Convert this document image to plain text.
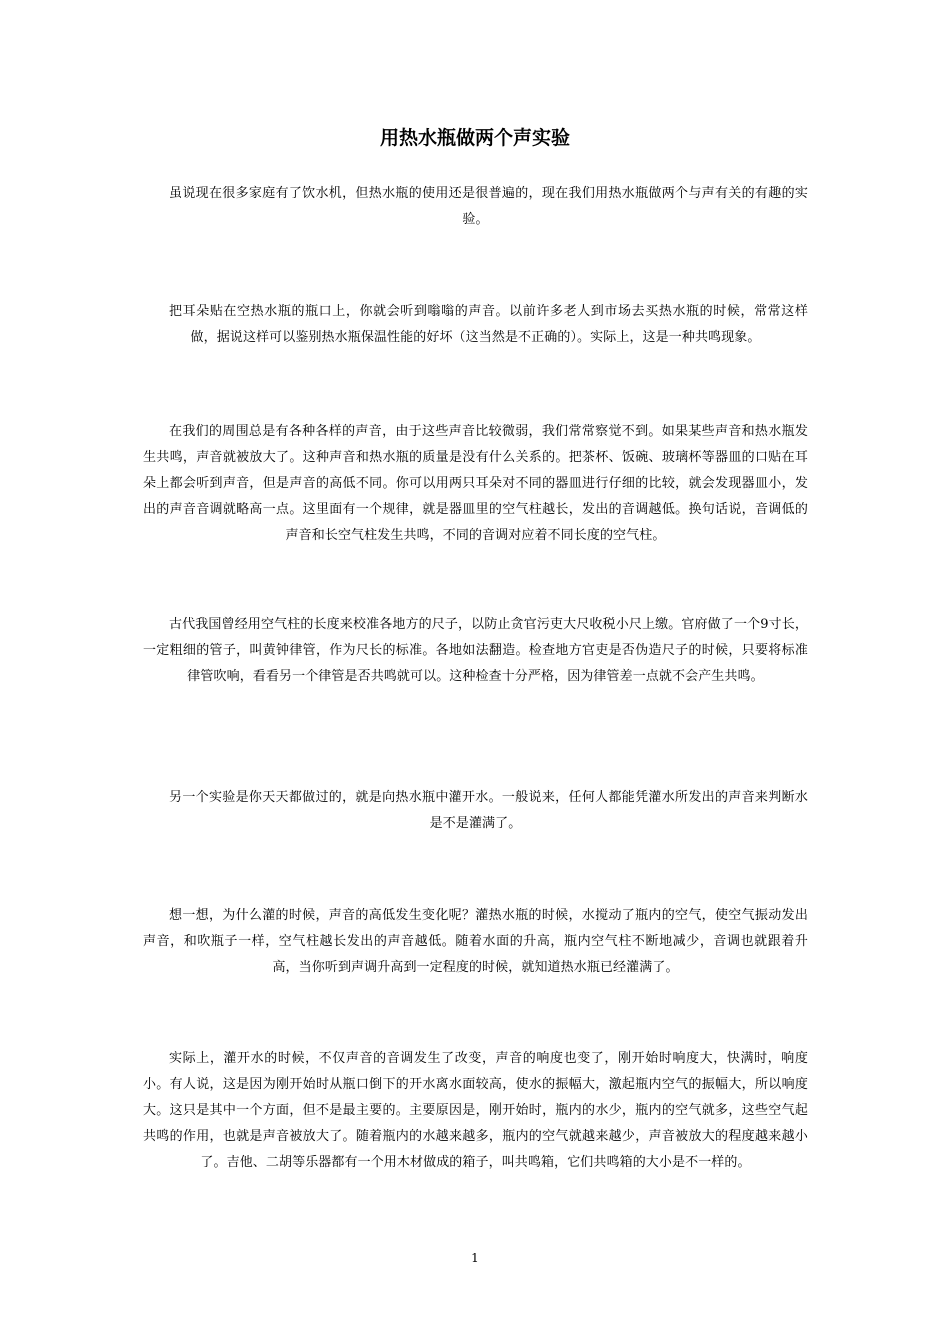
用热水瓶做两个声实验

虽说现在很多家庭有了饮水机，但热水瓶的使用还是很普遍的，现在我们用热水瓶做两个与声有关的有趣的实验。

把耳朵贴在空热水瓶的瓶口上，你就会听到嗡嗡的声音。以前许多老人到市场去买热水瓶的时候，常常这样做，据说这样可以鉴别热水瓶保温性能的好坏（这当然是不正确的）。实际上，这是一种共鸣现象。

在我们的周围总是有各种各样的声音，由于这些声音比较微弱，我们常常察觉不到。如果某些声音和热水瓶发生共鸣，声音就被放大了。这种声音和热水瓶的质量是没有什么关系的。把茶杯、饭碗、玻璃杯等器皿的口贴在耳朵上都会听到声音，但是声音的高低不同。你可以用两只耳朵对不同的器皿进行仔细的比较，就会发现器皿小，发出的声音音调就略高一点。这里面有一个规律，就是器皿里的空气柱越长，发出的音调越低。换句话说，音调低的声音和长空气柱发生共鸣，不同的音调对应着不同长度的空气柱。

古代我国曾经用空气柱的长度来校准各地方的尺子，以防止贪官污吏大尺收税小尺上缴。官府做了一个9寸长，一定粗细的管子，叫黄钟律管，作为尺长的标准。各地如法翻造。检查地方官吏是否伪造尺子的时候，只要将标准律管吹响，看看另一个律管是否共鸣就可以。这种检查十分严格，因为律管差一点就不会产生共鸣。

另一个实验是你天天都做过的，就是向热水瓶中灌开水。一般说来，任何人都能凭灌水所发出的声音来判断水是不是灌满了。

想一想，为什么灌的时候，声音的高低发生变化呢？灌热水瓶的时候，水搅动了瓶内的空气，使空气振动发出声音，和吹瓶子一样，空气柱越长发出的声音越低。随着水面的升高，瓶内空气柱不断地减少，音调也就跟着升高，当你听到声调升高到一定程度的时候，就知道热水瓶已经灌满了。

实际上，灌开水的时候，不仅声音的音调发生了改变，声音的响度也变了，刚开始时响度大，快满时，响度小。有人说，这是因为刚开始时从瓶口倒下的开水离水面较高，使水的振幅大，激起瓶内空气的振幅大，所以响度大。这只是其中一个方面，但不是最主要的。主要原因是，刚开始时，瓶内的水少，瓶内的空气就多，这些空气起共鸣的作用，也就是声音被放大了。随着瓶内的水越来越多，瓶内的空气就越来越少，声音被放大的程度越来越小了。吉他、二胡等乐器都有一个用木材做成的箱子，叫共鸣箱，它们共鸣箱的大小是不一样的。

1
